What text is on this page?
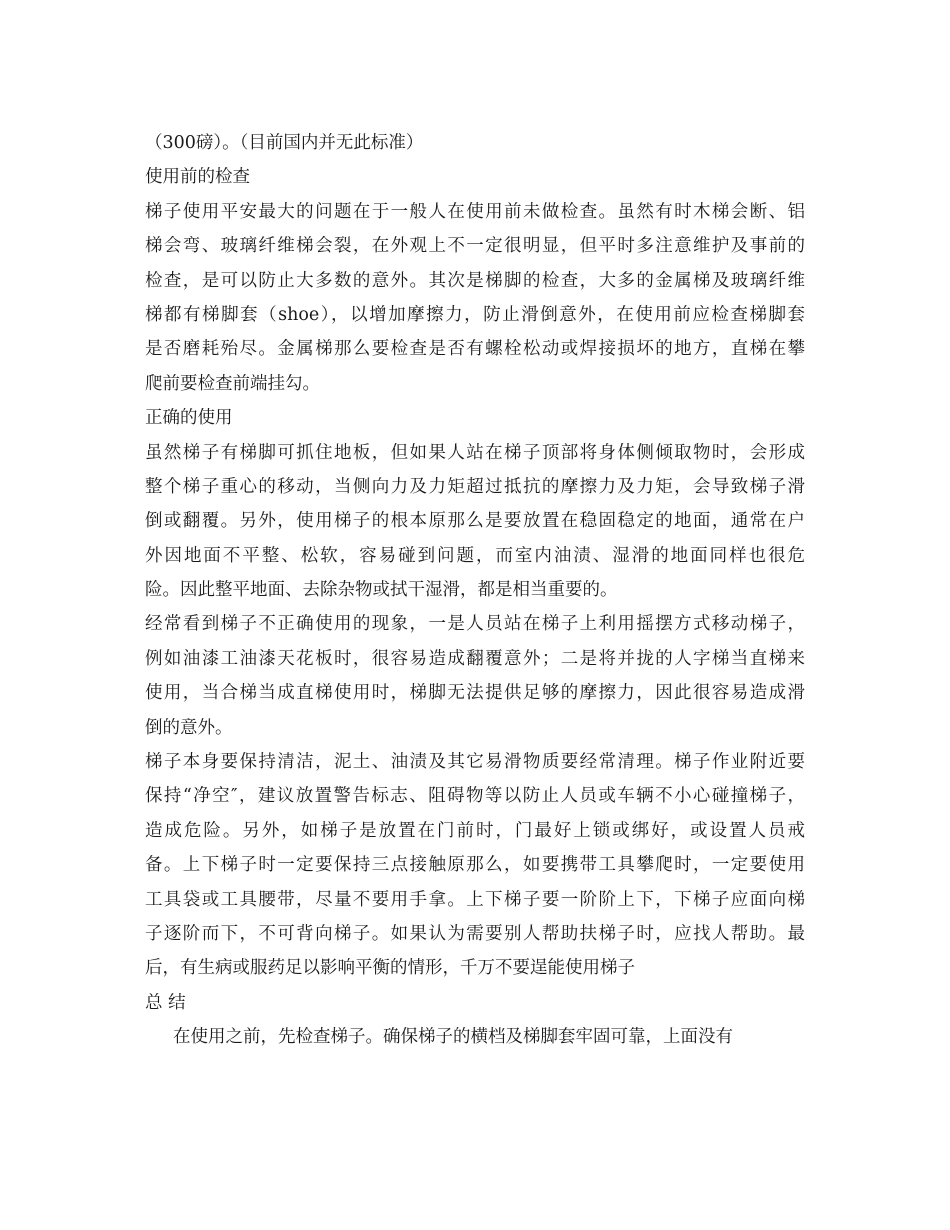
（300磅）。（目前国内并无此标准）
使用前的检查
梯子使用平安最大的问题在于一般人在使用前未做检查。虽然有时木梯会断、铝
梯会弯、玻璃纤维梯会裂，在外观上不一定很明显，但平时多注意维护及事前的
检查，是可以防止大多数的意外。其次是梯脚的检查，大多的金属梯及玻璃纤维
梯都有梯脚套（shoe），以增加摩擦力，防止滑倒意外，在使用前应检查梯脚套
是否磨耗殆尽。金属梯那么要检查是否有螺栓松动或焊接损坏的地方，直梯在攀
爬前要检查前端挂勾。
正确的使用
虽然梯子有梯脚可抓住地板，但如果人站在梯子顶部将身体侧倾取物时，会形成
整个梯子重心的移动，当侧向力及力矩超过抵抗的摩擦力及力矩，会导致梯子滑
倒或翻覆。另外，使用梯子的根本原那么是要放置在稳固稳定的地面，通常在户
外因地面不平整、松软，容易碰到问题，而室内油渍、湿滑的地面同样也很危
险。因此整平地面、去除杂物或拭干湿滑，都是相当重要的。
经常看到梯子不正确使用的现象，一是人员站在梯子上利用摇摆方式移动梯子，
例如油漆工油漆天花板时，很容易造成翻覆意外；二是将并拢的人字梯当直梯来
使用，当合梯当成直梯使用时，梯脚无法提供足够的摩擦力，因此很容易造成滑
倒的意外。
梯子本身要保持清洁，泥土、油渍及其它易滑物质要经常清理。梯子作业附近要
保持“净空″，建议放置警告标志、阻碍物等以防止人员或车辆不小心碰撞梯子，
造成危险。另外，如梯子是放置在门前时，门最好上锁或绑好，或设置人员戒
备。上下梯子时一定要保持三点接触原那么，如要携带工具攀爬时，一定要使用
工具袋或工具腰带，尽量不要用手拿。上下梯子要一阶阶上下，下梯子应面向梯
子逐阶而下，不可背向梯子。如果认为需要别人帮助扶梯子时，应找人帮助。最
后，有生病或服药足以影响平衡的情形，千万不要逞能使用梯子
总 结
在使用之前，先检查梯子。确保梯子的横档及梯脚套牢固可靠，上面没有
